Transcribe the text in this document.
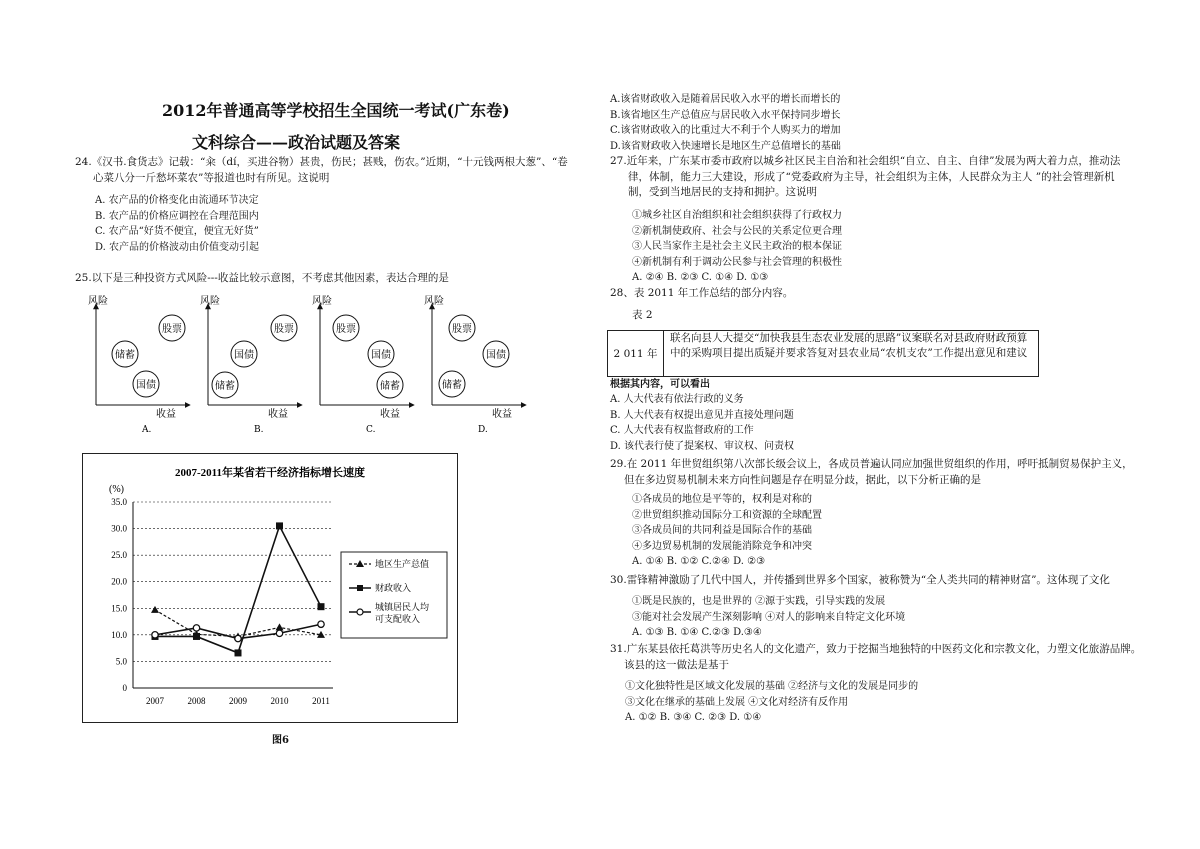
2012年普通高等学校招生全国统一考试(广东卷)
文科综合——政治试题及答案
24.《汉书.食货志》记载：“籴（dí，买进谷物）甚贵，伤民；甚贱，伤农。”近期，“十元钱两根大葱”、“卷
心菜八分一斤愁坏菜农”等报道也时有所见。这说明
A. 农产品的价格变化由流通环节决定
B. 农产品的价格应调控在合理范围内
C. 农产品“好货不便宜，便宜无好货”
D. 农产品的价格波动由价值变动引起
25.以下是三种投资方式风险---收益比较示意图，不考虑其他因素，表达合理的是
风险
收益
A.
股票
储蓄
国债
风险
收益
B.
股票
国债
储蓄
风险
收益
C.
股票
国债
储蓄
风险
收益
D.
股票
储蓄
国债
2007-2011年某省若干经济指标增长速度
(%)
0
5.0
10.0
15.0
20.0
25.0
30.0
35.0
2007	2008	2009	2010	2011
地区生产总值
财政收入
城镇居民人均
可支配收入
图6
A.该省财政收入是随着居民收入水平的增长而增长的
B.该省地区生产总值应与居民收入水平保持同步增长
C.该省财政收入的比重过大不利于个人购买力的增加
D.该省财政收入快速增长是地区生产总值增长的基础
27.近年来，广东某市委市政府以城乡社区民主自治和社会组织“自立、自主、自律”发展为两大着力点，推动法
律，体制，能力三大建设，形成了“党委政府为主导，社会组织为主体，人民群众为主人 ”的社会管理新机
制，受到当地居民的支持和拥护。这说明
①城乡社区自治组织和社会组织获得了行政权力
②新机制使政府、社会与公民的关系定位更合理
③人民当家作主是社会主义民主政治的根本保证
④新机制有利于调动公民参与社会管理的积极性
A. ②④ B. ②③ C. ①④ D. ①③
28、表 2011 年工作总结的部分内容。
表 2
2 011 年
联名向县人大提交“加快我县生态农业发展的思路”议案联名对县政府财政预算中的采购项目提出质疑并要求答复对县农业局“农机支农”工作提出意见和建议
根据其内容，可以看出
A. 人大代表有依法行政的义务
B. 人大代表有权提出意见并直接处理问题
C. 人大代表有权监督政府的工作
D. 该代表行使了提案权、审议权、问责权
29.在 2011 年世贸组织第八次部长级会议上，各成员普遍认同应加强世贸组织的作用，呼吁抵制贸易保护主义，
但在多边贸易机制未来方向性问题是存在明显分歧，据此，以下分析正确的是
①各成员的地位是平等的，权利是对称的
②世贸组织推动国际分工和资源的全球配置
③各成员间的共同利益是国际合作的基础
④多边贸易机制的发展能消除竞争和冲突
A. ①④ B. ①② C.②④ D. ②③
30.雷锋精神激励了几代中国人，并传播到世界多个国家，被称赞为“全人类共同的精神财富”。这体现了文化
①既是民族的，也是世界的 ②源于实践，引导实践的发展
③能对社会发展产生深刻影响 ④对人的影响来自特定文化环境
A. ①③ B. ①④ C.②③ D.③④
31.广东某县依托葛洪等历史名人的文化遗产，致力于挖掘当地独特的中医药文化和宗教文化，力塑文化旅游品牌。
该县的这一做法是基于
①文化独特性是区域文化发展的基础 ②经济与文化的发展是同步的
③文化在继承的基础上发展 ④文化对经济有反作用
A. ①② B. ③④ C. ②③ D. ①④
